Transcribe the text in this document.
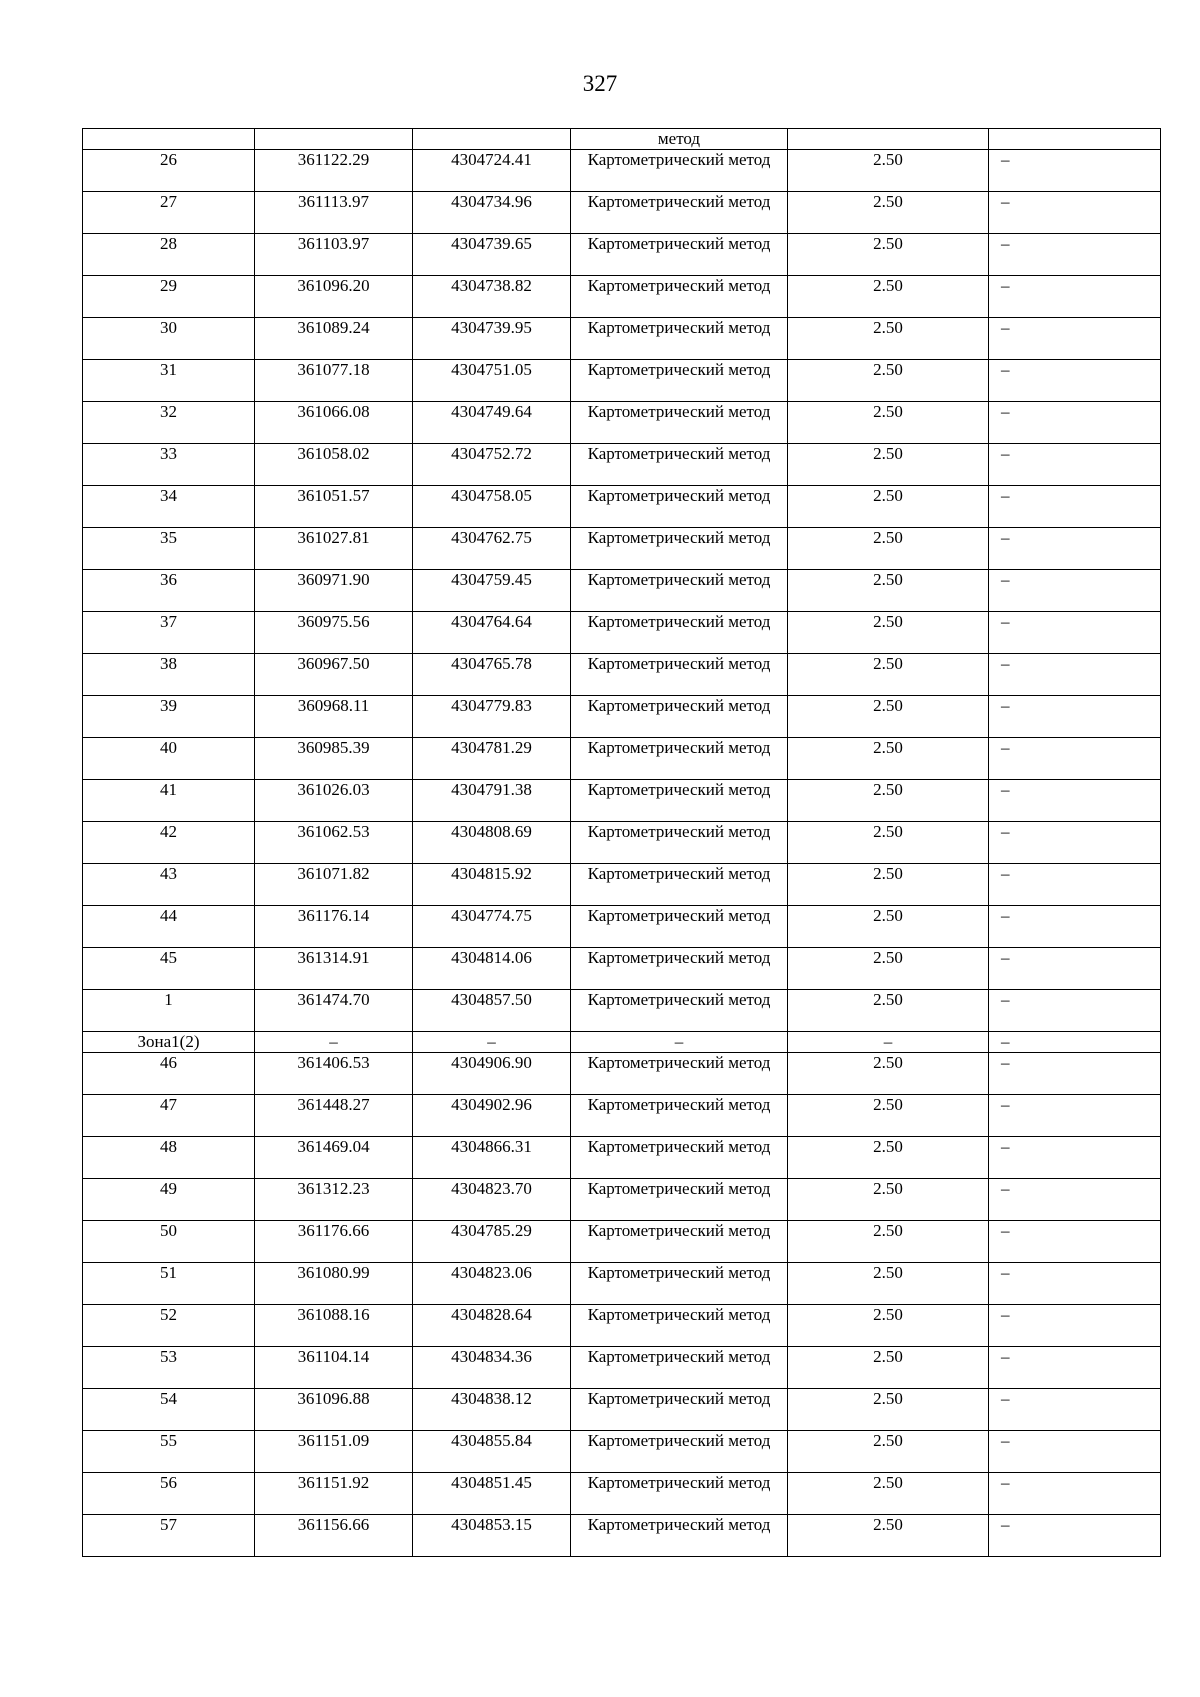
327
			метод		
26	361122.29	4304724.41	Картометрический метод	2.50	–
27	361113.97	4304734.96	Картометрический метод	2.50	–
28	361103.97	4304739.65	Картометрический метод	2.50	–
29	361096.20	4304738.82	Картометрический метод	2.50	–
30	361089.24	4304739.95	Картометрический метод	2.50	–
31	361077.18	4304751.05	Картометрический метод	2.50	–
32	361066.08	4304749.64	Картометрический метод	2.50	–
33	361058.02	4304752.72	Картометрический метод	2.50	–
34	361051.57	4304758.05	Картометрический метод	2.50	–
35	361027.81	4304762.75	Картометрический метод	2.50	–
36	360971.90	4304759.45	Картометрический метод	2.50	–
37	360975.56	4304764.64	Картометрический метод	2.50	–
38	360967.50	4304765.78	Картометрический метод	2.50	–
39	360968.11	4304779.83	Картометрический метод	2.50	–
40	360985.39	4304781.29	Картометрический метод	2.50	–
41	361026.03	4304791.38	Картометрический метод	2.50	–
42	361062.53	4304808.69	Картометрический метод	2.50	–
43	361071.82	4304815.92	Картометрический метод	2.50	–
44	361176.14	4304774.75	Картометрический метод	2.50	–
45	361314.91	4304814.06	Картометрический метод	2.50	–
1	361474.70	4304857.50	Картометрический метод	2.50	–
Зона1(2)	–	–	–	–	–
46	361406.53	4304906.90	Картометрический метод	2.50	–
47	361448.27	4304902.96	Картометрический метод	2.50	–
48	361469.04	4304866.31	Картометрический метод	2.50	–
49	361312.23	4304823.70	Картометрический метод	2.50	–
50	361176.66	4304785.29	Картометрический метод	2.50	–
51	361080.99	4304823.06	Картометрический метод	2.50	–
52	361088.16	4304828.64	Картометрический метод	2.50	–
53	361104.14	4304834.36	Картометрический метод	2.50	–
54	361096.88	4304838.12	Картометрический метод	2.50	–
55	361151.09	4304855.84	Картометрический метод	2.50	–
56	361151.92	4304851.45	Картометрический метод	2.50	–
57	361156.66	4304853.15	Картометрический метод	2.50	–
